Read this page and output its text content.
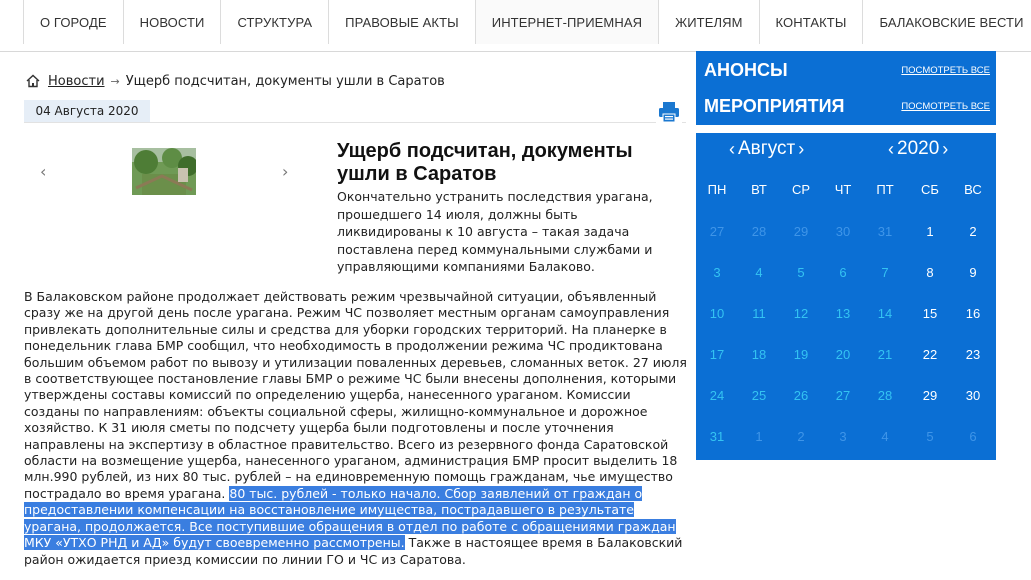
О ГОРОДЕ	НОВОСТИ	СТРУКТУРА	ПРАВОВЫЕ АКТЫ	ИНТЕРНЕТ-ПРИЕМНАЯ	ЖИТЕЛЯМ	КОНТАКТЫ	БАЛАКОВСКИЕ ВЕСТИ
Новости → Ущерб подсчитан, документы ушли в Саратов
04 Августа 2020
‹	›
Ущерб подсчитан, документы ушли в Саратов

Окончательно устранить последствия урагана, прошедшего 14 июля, должны быть ликвидированы к 10 августа – такая задача поставлена перед коммунальными службами и управляющими компаниями Балаково.

В Балаковском районе продолжает действовать режим чрезвычайной ситуации, объявленный сразу же на другой день после урагана. Режим ЧС позволяет местным органам самоуправления привлекать дополнительные силы и средства для уборки городских территорий. На планерке в понедельник глава БМР сообщил, что необходимость в продолжении режима ЧС продиктована большим объемом работ по вывозу и утилизации поваленных деревьев, сломанных веток. 27 июля в соответствующее постановление главы БМР о режиме ЧС были внесены дополнения, которыми утверждены составы комиссий по определению ущерба, нанесенного ураганом. Комиссии созданы по направлениям: объекты социальной сферы, жилищно-коммунальное и дорожное хозяйство. К 31 июля сметы по подсчету ущерба были подготовлены и после уточнения направлены на экспертизу в областное правительство. Всего из резервного фонда Саратовской области на возмещение ущерба, нанесенного ураганом, администрация БМР просит выделить 18 млн.990 рублей, из них 80 тыс. рублей – на единовременную помощь гражданам, чье имущество пострадало во время урагана. 80 тыс. рублей - только начало. Сбор заявлений от граждан о предоставлении компенсации на восстановление имущества, пострадавшего в результате урагана, продолжается. Все поступившие обращения в отдел по работе с обращениями граждан МКУ «УТХО РНД и АД» будут своевременно рассмотрены. Также в настоящее время в Балаковский район ожидается приезд комиссии по линии ГО и ЧС из Саратова.

АНОНСЫ	ПОСМОТРЕТЬ ВСЕ
МЕРОПРИЯТИЯ	ПОСМОТРЕТЬ ВСЕ
‹ Август ›	‹ 2020 ›
ПН	ВТ	СР	ЧТ	ПТ	СБ	ВС
27	28	29	30	31	1	2
3	4	5	6	7	8	9
10	11	12	13	14	15	16
17	18	19	20	21	22	23
24	25	26	27	28	29	30
31	1	2	3	4	5	6
